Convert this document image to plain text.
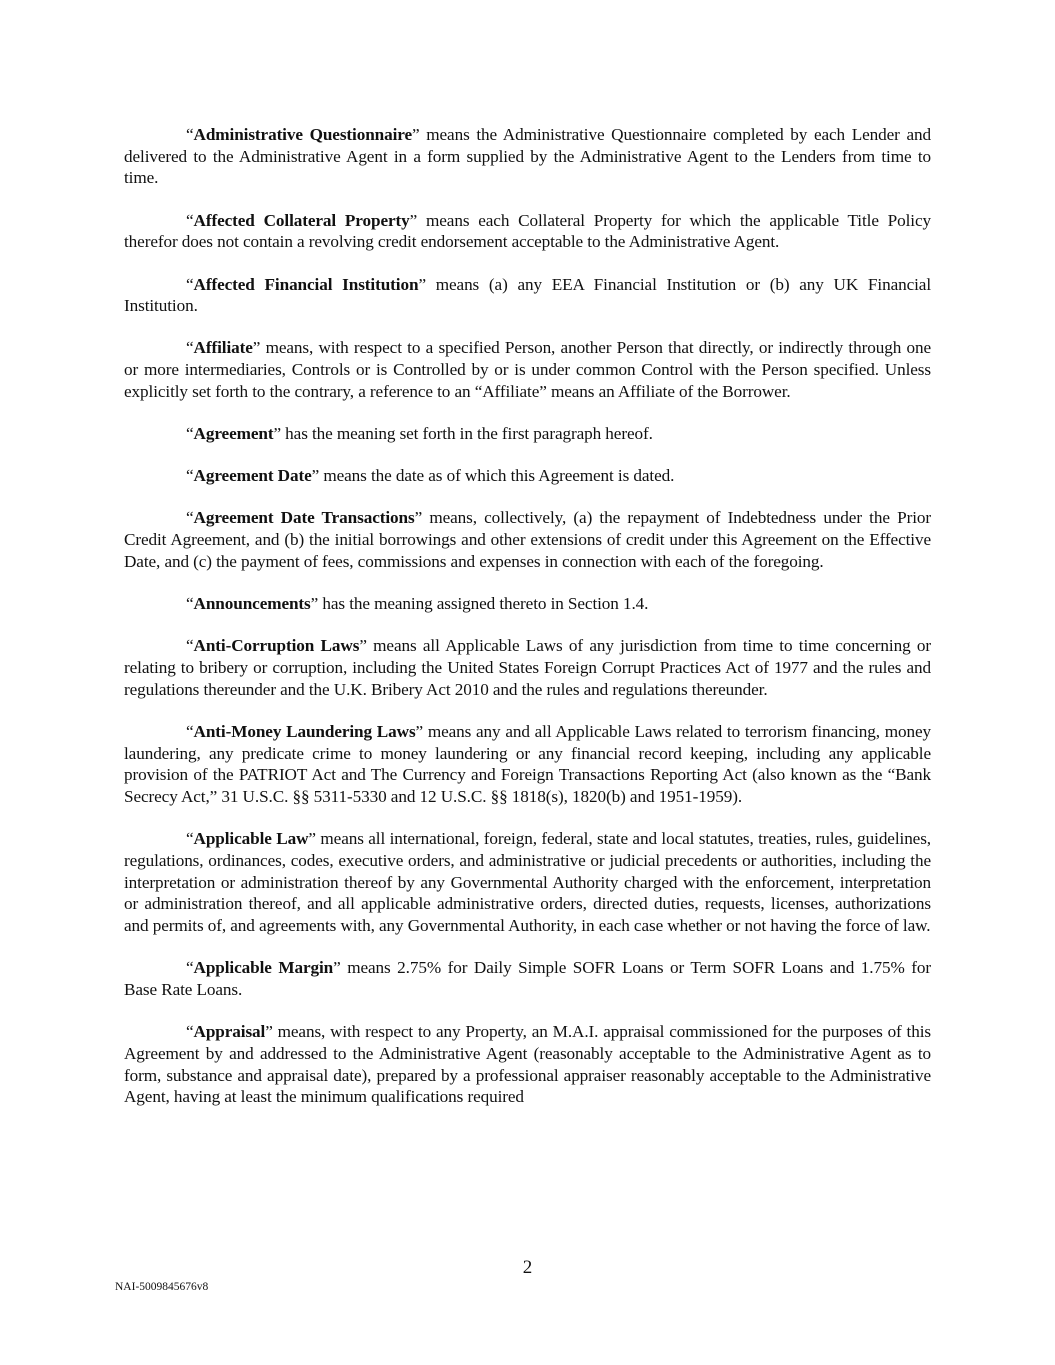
“Administrative Questionnaire” means the Administrative Questionnaire completed by each Lender and delivered to the Administrative Agent in a form supplied by the Administrative Agent to the Lenders from time to time.

“Affected Collateral Property” means each Collateral Property for which the applicable Title Policy therefor does not contain a revolving credit endorsement acceptable to the Administrative Agent.

“Affected Financial Institution” means (a) any EEA Financial Institution or (b) any UK Financial Institution.

“Affiliate” means, with respect to a specified Person, another Person that directly, or indirectly through one or more intermediaries, Controls or is Controlled by or is under common Control with the Person specified. Unless explicitly set forth to the contrary, a reference to an “Affiliate” means an Affiliate of the Borrower.

“Agreement” has the meaning set forth in the first paragraph hereof.

“Agreement Date” means the date as of which this Agreement is dated.

“Agreement Date Transactions” means, collectively, (a) the repayment of Indebtedness under the Prior Credit Agreement, and (b) the initial borrowings and other extensions of credit under this Agreement on the Effective Date, and (c) the payment of fees, commissions and expenses in connection with each of the foregoing.

“Announcements” has the meaning assigned thereto in Section 1.4.

“Anti-Corruption Laws” means all Applicable Laws of any jurisdiction from time to time concerning or relating to bribery or corruption, including the United States Foreign Corrupt Practices Act of 1977 and the rules and regulations thereunder and the U.K. Bribery Act 2010 and the rules and regulations thereunder.

“Anti-Money Laundering Laws” means any and all Applicable Laws related to terrorism financing, money laundering, any predicate crime to money laundering or any financial record keeping, including any applicable provision of the PATRIOT Act and The Currency and Foreign Transactions Reporting Act (also known as the “Bank Secrecy Act,” 31 U.S.C. §§ 5311-5330 and 12 U.S.C. §§ 1818(s), 1820(b) and 1951-1959).

“Applicable Law” means all international, foreign, federal, state and local statutes, treaties, rules, guidelines, regulations, ordinances, codes, executive orders, and administrative or judicial precedents or authorities, including the interpretation or administration thereof by any Governmental Authority charged with the enforcement, interpretation or administration thereof, and all applicable administrative orders, directed duties, requests, licenses, authorizations and permits of, and agreements with, any Governmental Authority, in each case whether or not having the force of law.

“Applicable Margin” means 2.75% for Daily Simple SOFR Loans or Term SOFR Loans and 1.75% for Base Rate Loans.

“Appraisal” means, with respect to any Property, an M.A.I. appraisal commissioned for the purposes of this Agreement by and addressed to the Administrative Agent (reasonably acceptable to the Administrative Agent as to form, substance and appraisal date), prepared by a professional appraiser reasonably acceptable to the Administrative Agent, having at least the minimum qualifications required

2
NAI-5009845676v8
